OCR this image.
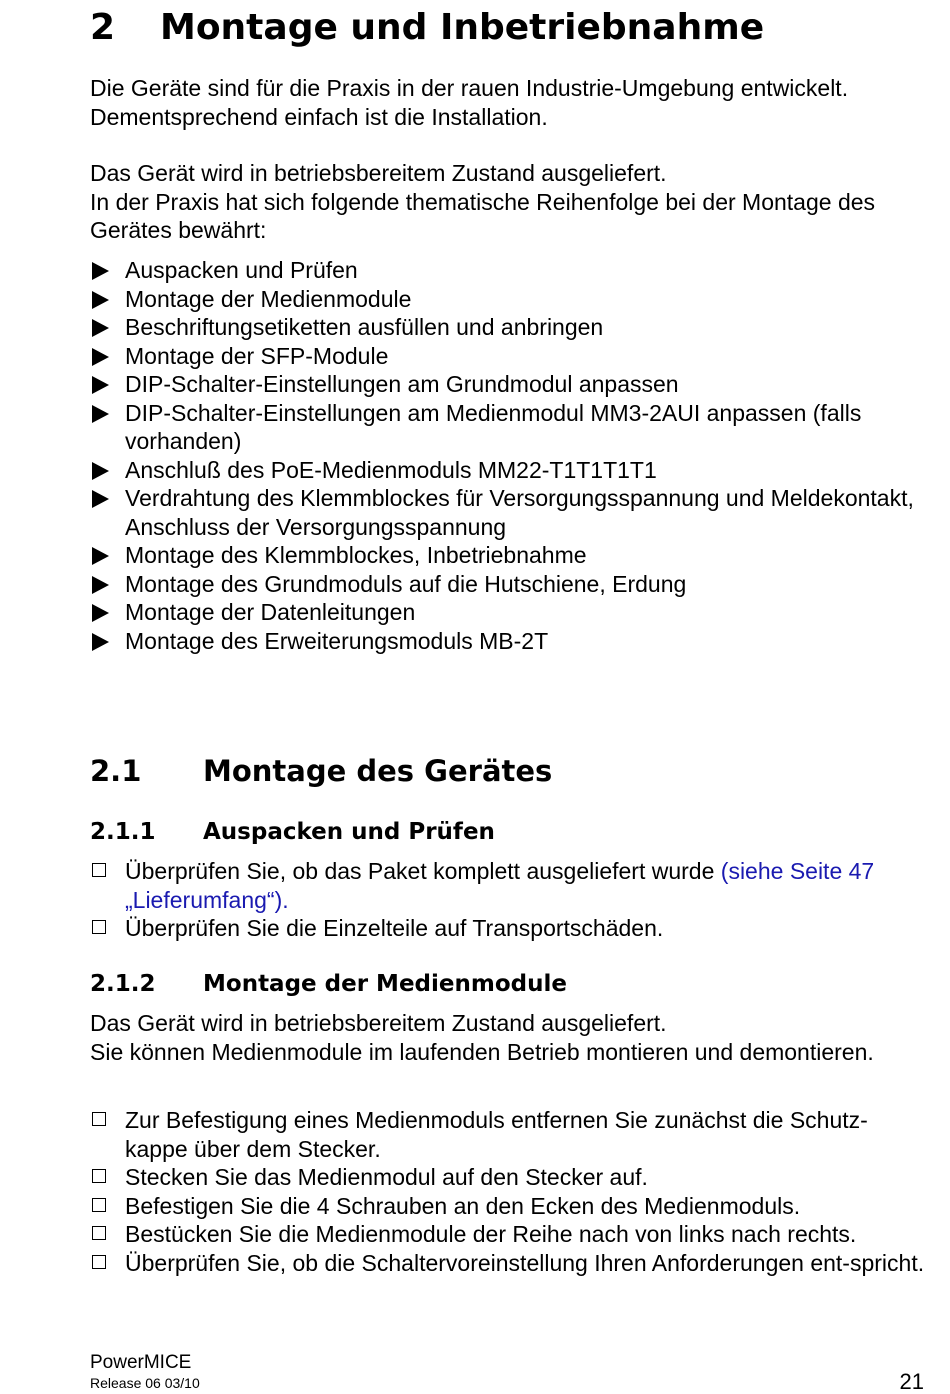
2 Montage und Inbetriebnahme

Die Geräte sind für die Praxis in der rauen Industrie-Umgebung entwickelt. Dementsprechend einfach ist die Installation.

Das Gerät wird in betriebsbereitem Zustand ausgeliefert.
In der Praxis hat sich folgende thematische Reihenfolge bei der Montage des Gerätes bewährt:
Auspacken und Prüfen
Montage der Medienmodule
Beschriftungsetiketten ausfüllen und anbringen
Montage der SFP-Module
DIP-Schalter-Einstellungen am Grundmodul anpassen
DIP-Schalter-Einstellungen am Medienmodul MM3-2AUI anpassen (falls vorhanden)
Anschluß des PoE-Medienmoduls MM22-T1T1T1T1
Verdrahtung des Klemmblockes für Versorgungsspannung und Meldekontakt, Anschluss der Versorgungsspannung
Montage des Klemmblockes, Inbetriebnahme
Montage des Grundmoduls auf die Hutschiene, Erdung
Montage der Datenleitungen
Montage des Erweiterungsmoduls MB-2T
2.1 Montage des Gerätes
2.1.1 Auspacken und Prüfen
Überprüfen Sie, ob das Paket komplett ausgeliefert wurde (siehe Seite 47 „Lieferumfang“).
Überprüfen Sie die Einzelteile auf Transportschäden.
2.1.2 Montage der Medienmodule
Das Gerät wird in betriebsbereitem Zustand ausgeliefert.
Sie können Medienmodule im laufenden Betrieb montieren und demontieren.
Zur Befestigung eines Medienmoduls entfernen Sie zunächst die Schutz-kappe über dem Stecker.
Stecken Sie das Medienmodul auf den Stecker auf.
Befestigen Sie die 4 Schrauben an den Ecken des Medienmoduls.
Bestücken Sie die Medienmodule der Reihe nach von links nach rechts.
Überprüfen Sie, ob die Schaltervoreinstellung Ihren Anforderungen ent-spricht.
PowerMICE
Release 06 03/10	21
